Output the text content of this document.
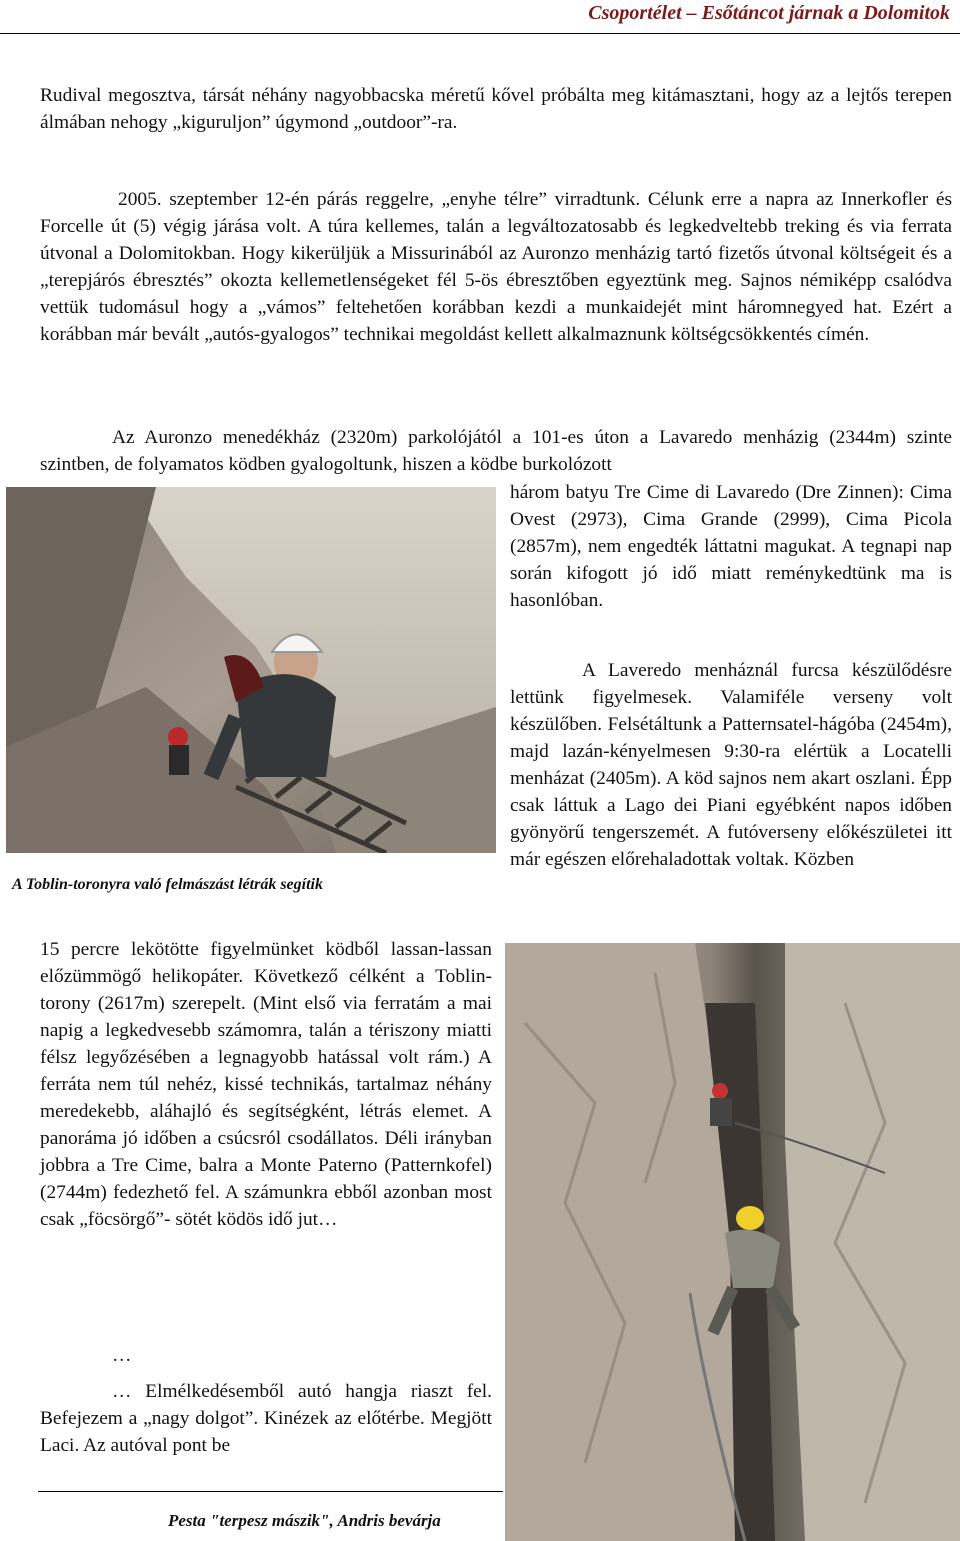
Csoportélet – Esőtáncot járnak a Dolomitok

Rudival megosztva, társát néhány nagyobbacska méretű kővel próbálta meg kitámasztani, hogy az a lejtős terepen álmában nehogy „kiguruljon” úgymond „outdoor”-ra.

2005. szeptember 12-én párás reggelre, „enyhe télre” virradtunk. Célunk erre a napra az Innerkofler és Forcelle út (5) végig járása volt. A túra kellemes, talán a legváltozatosabb és legkedveltebb treking és via ferrata útvonal a Dolomitokban. Hogy kikerüljük a Missurinából az Auronzo menházig tartó fizetős útvonal költségeit és a „terepjárós ébresztés” okozta kellemetlenségeket fél 5-ös ébresztőben egyeztünk meg. Sajnos némiképp csalódva vettük tudomásul hogy a „vámos” feltehetően korábban kezdi a munkaidejét mint háromnegyed hat. Ezért a korábban már bevált „autós-gyalogos” technikai megoldást kellett alkalmaznunk költségcsökkentés címén.

Az Auronzo menedékház (2320m) parkolójától a 101-es úton a Lavaredo menházig (2344m) szinte szintben, de folyamatos ködben gyalogoltunk, hiszen a ködbe burkolózott

három batyu Tre Cime di Lavaredo (Dre Zinnen): Cima Ovest (2973), Cima Grande (2999), Cima Picola (2857m), nem engedték láttatni magukat. A tegnapi nap során kifogott jó idő miatt reménykedtünk ma is hasonlóban.

A Laveredo menháznál furcsa készülődésre lettünk figyelmesek. Valamiféle verseny volt készülőben. Felsétáltunk a Patternsatel-hágóba (2454m), majd lazán-kényelmesen 9:30-ra elértük a Locatelli menházat (2405m). A köd sajnos nem akart oszlani. Épp csak láttuk a Lago dei Piani egyébként napos időben gyönyörű tengerszemét. A futóverseny előkészületei itt már egészen előrehaladottak voltak. Közben

A Toblin-toronyra való felmászást létrák segítik

15 percre lekötötte figyelmünket ködből lassan-lassan előzümmögő helikopáter. Következő célként a Toblin-torony (2617m) szerepelt. (Mint első via ferratám a mai napig a legkedvesebb számomra, talán a tériszony miatti félsz legyőzésében a legnagyobb hatással volt rám.) A ferráta nem túl nehéz, kissé technikás, tartalmaz néhány meredekebb, aláhajló és segítségként, létrás elemet. A panoráma jó időben a csúcsról csodállatos. Déli irányban jobbra a Tre Cime, balra a Monte Paterno (Patternkofel) (2744m) fedezhető fel. A számunkra ebből azonban most csak „föcsörgő”- sötét ködös idő jut…

…

… Elmélkedésemből autó hangja riaszt fel. Befejezem a „nagy dolgot”. Kinézek az előtérbe. Megjött Laci. Az autóval pont be

Pesta "terpesz mászik", Andris bevárja
